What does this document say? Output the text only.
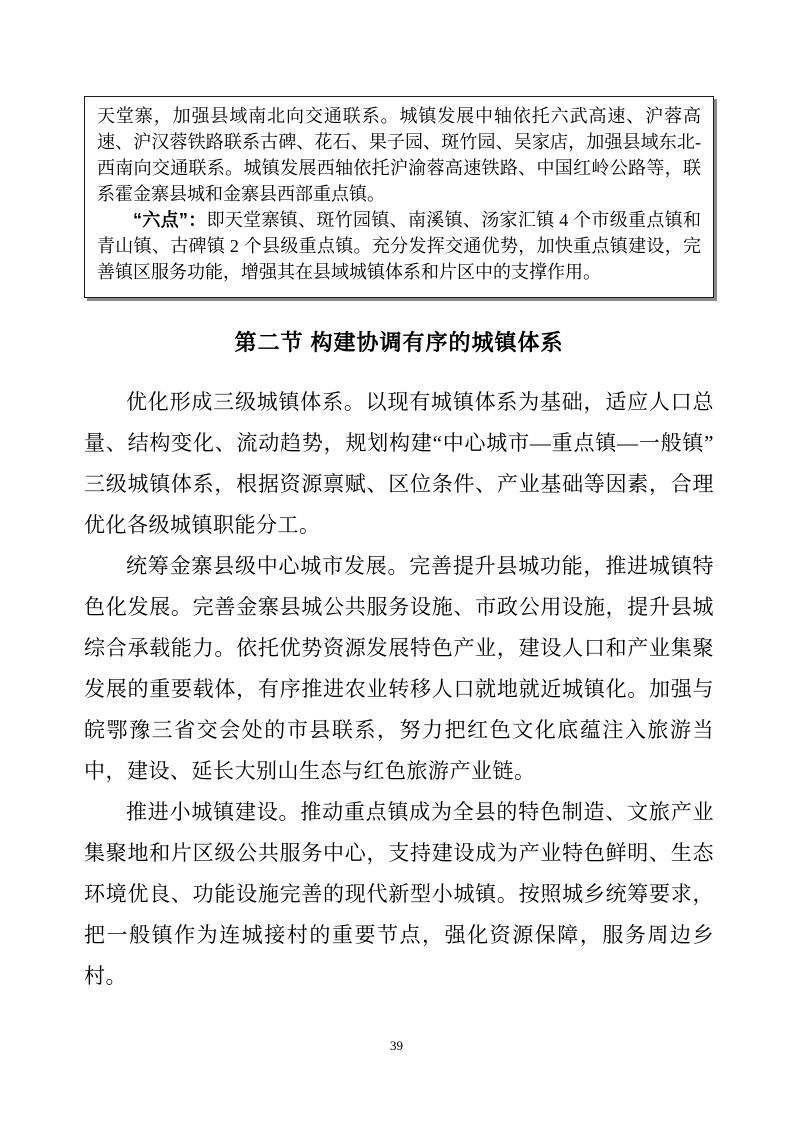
天堂寨，加强县域南北向交通联系。城镇发展中轴依托六武高速、沪蓉高速、沪汉蓉铁路联系古碑、花石、果子园、斑竹园、吴家店，加强县域东北-西南向交通联系。城镇发展西轴依托沪渝蓉高速铁路、中国红岭公路等，联系霍金寨县城和金寨县西部重点镇。

“六点”：即天堂寨镇、斑竹园镇、南溪镇、汤家汇镇 4 个市级重点镇和青山镇、古碑镇 2 个县级重点镇。充分发挥交通优势，加快重点镇建设，完善镇区服务功能，增强其在县域城镇体系和片区中的支撑作用。

第二节 构建协调有序的城镇体系

优化形成三级城镇体系。以现有城镇体系为基础，适应人口总量、结构变化、流动趋势，规划构建“中心城市—重点镇—一般镇”三级城镇体系，根据资源禀赋、区位条件、产业基础等因素，合理优化各级城镇职能分工。

统筹金寨县级中心城市发展。完善提升县城功能，推进城镇特色化发展。完善金寨县城公共服务设施、市政公用设施，提升县城综合承载能力。依托优势资源发展特色产业，建设人口和产业集聚发展的重要载体，有序推进农业转移人口就地就近城镇化。加强与皖鄂豫三省交会处的市县联系，努力把红色文化底蕴注入旅游当中，建设、延长大别山生态与红色旅游产业链。

推进小城镇建设。推动重点镇成为全县的特色制造、文旅产业集聚地和片区级公共服务中心，支持建设成为产业特色鲜明、生态环境优良、功能设施完善的现代新型小城镇。按照城乡统筹要求，把一般镇作为连城接村的重要节点，强化资源保障，服务周边乡村。

39
